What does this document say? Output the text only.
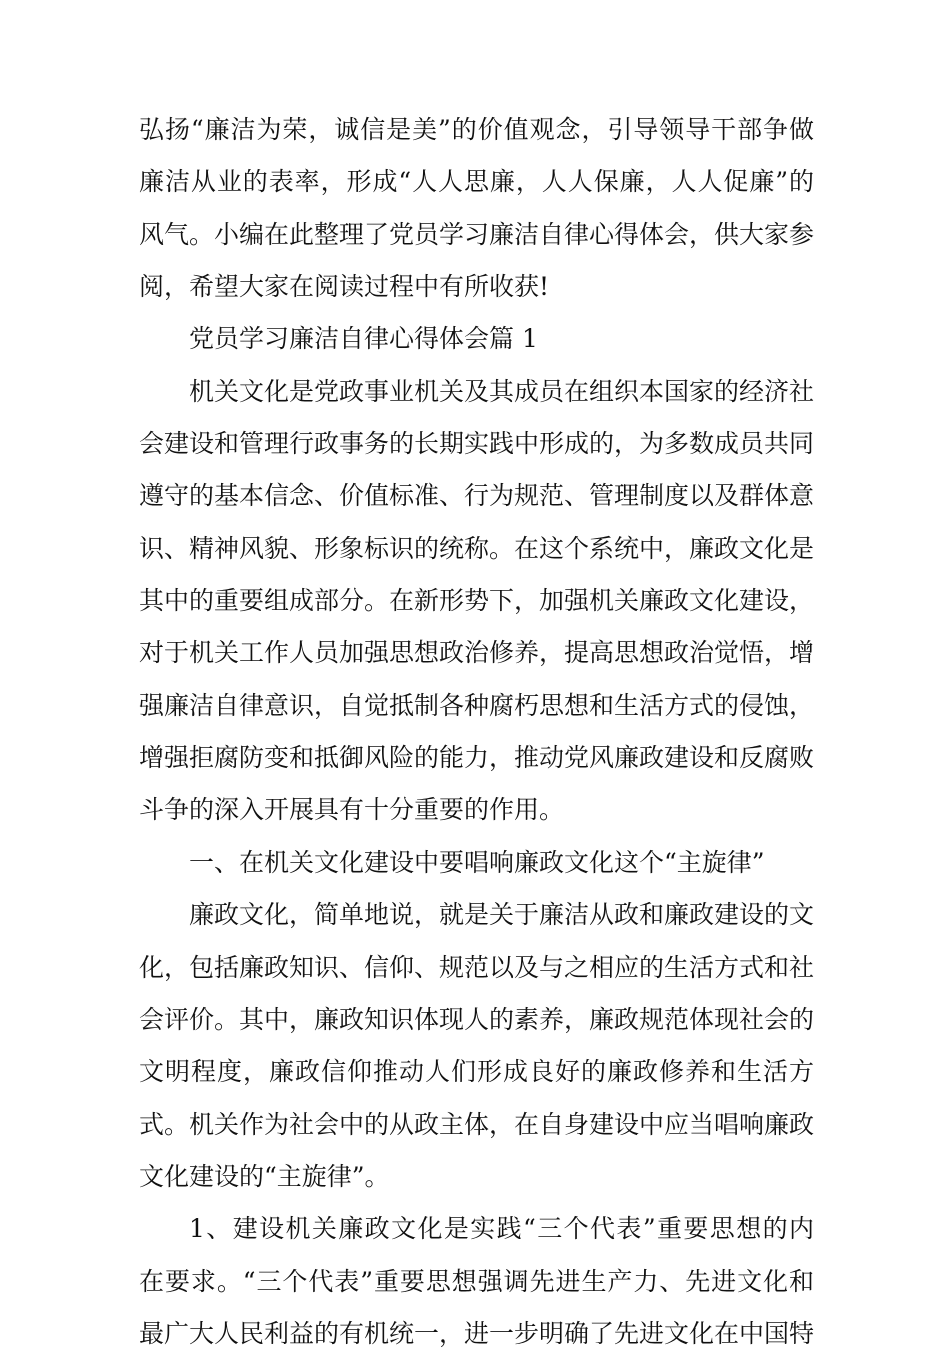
弘扬“廉洁为荣，诚信是美”的价值观念，引导领导干部争做
廉洁从业的表率，形成“人人思廉，人人保廉，人人促廉”的
风气。小编在此整理了党员学习廉洁自律心得体会，供大家参
阅，希望大家在阅读过程中有所收获!
党员学习廉洁自律心得体会篇 1
机关文化是党政事业机关及其成员在组织本国家的经济社
会建设和管理行政事务的长期实践中形成的，为多数成员共同
遵守的基本信念、价值标准、行为规范、管理制度以及群体意
识、精神风貌、形象标识的统称。在这个系统中，廉政文化是
其中的重要组成部分。在新形势下，加强机关廉政文化建设，
对于机关工作人员加强思想政治修养，提高思想政治觉悟，增
强廉洁自律意识，自觉抵制各种腐朽思想和生活方式的侵蚀，
增强拒腐防变和抵御风险的能力，推动党风廉政建设和反腐败
斗争的深入开展具有十分重要的作用。
一、在机关文化建设中要唱响廉政文化这个“主旋律”
廉政文化，简单地说，就是关于廉洁从政和廉政建设的文
化，包括廉政知识、信仰、规范以及与之相应的生活方式和社
会评价。其中，廉政知识体现人的素养，廉政规范体现社会的
文明程度，廉政信仰推动人们形成良好的廉政修养和生活方
式。机关作为社会中的从政主体，在自身建设中应当唱响廉政
文化建设的“主旋律”。
1、建设机关廉政文化是实践“三个代表”重要思想的内
在要求。“三个代表”重要思想强调先进生产力、先进文化和
最广大人民利益的有机统一，进一步明确了先进文化在中国特
